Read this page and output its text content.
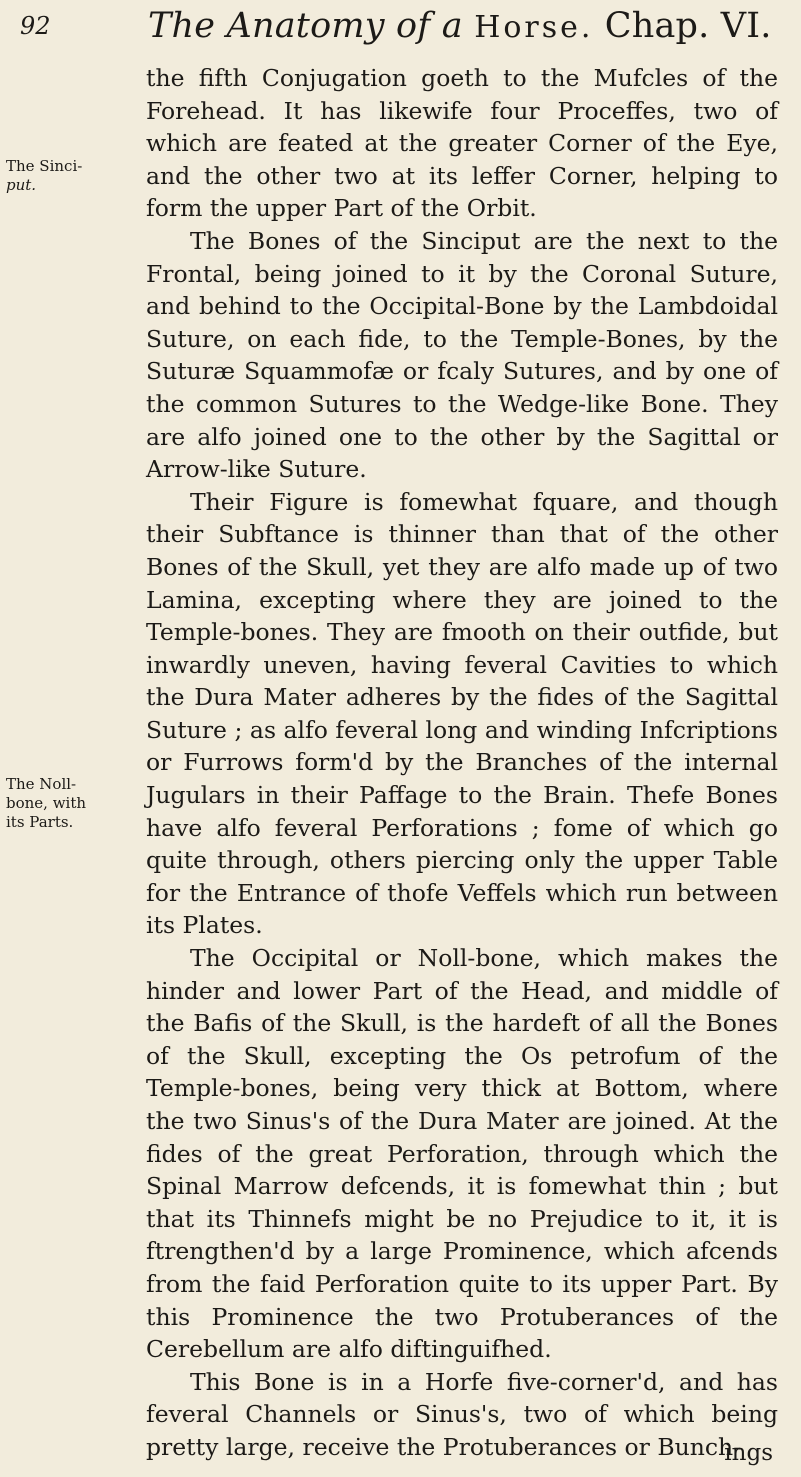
92	The Anatomy of a Horse. Chap. VI.
The Sinci-
put.
The Noll-
bone, with
its Parts.

the fifth Conjugation goeth to the Mufcles of the Forehead. It has likewife four Proceffes, two of which are feated at the greater Corner of the Eye, and the other two at its leffer Corner, helping to form the upper Part of the Orbit.

The Bones of the Sinciput are the next to the Frontal, being joined to it by the Coronal Suture, and behind to the Occipital-Bone by the Lambdoidal Suture, on each fide, to the Temple-Bones, by the Suturæ Squammofæ or fcaly Sutures, and by one of the common Sutures to the Wedge-like Bone. They are alfo joined one to the other by the Sagittal or Arrow-like Suture.

Their Figure is fomewhat fquare, and though their Subftance is thinner than that of the other Bones of the Skull, yet they are alfo made up of two Lamina, excepting where they are joined to the Temple-bones. They are fmooth on their outfide, but inwardly uneven, having feveral Cavities to which the Dura Mater adheres by the fides of the Sagittal Suture ; as alfo feveral long and winding Infcriptions or Furrows form'd by the Branches of the internal Jugulars in their Paffage to the Brain. Thefe Bones have alfo feveral Perforations ; fome of which go quite through, others piercing only the upper Table for the Entrance of thofe Veffels which run between its Plates.

The Occipital or Noll-bone, which makes the hinder and lower Part of the Head, and middle of the Bafis of the Skull, is the hardeft of all the Bones of the Skull, excepting the Os petrofum of the Temple-bones, being very thick at Bottom, where the two Sinus's of the Dura Mater are joined. At the fides of the great Perforation, through which the Spinal Marrow defcends, it is fomewhat thin ; but that its Thinnefs might be no Prejudice to it, it is ftrengthen'd by a large Prominence, which afcends from the faid Perforation quite to its upper Part. By this Prominence the two Protuberances of the Cerebellum are alfo diftinguifhed.

This Bone is in a Horfe five-corner'd, and has feveral Channels or Sinus's, two of which being pretty large, receive the Protuberances or Bunch-

ings
